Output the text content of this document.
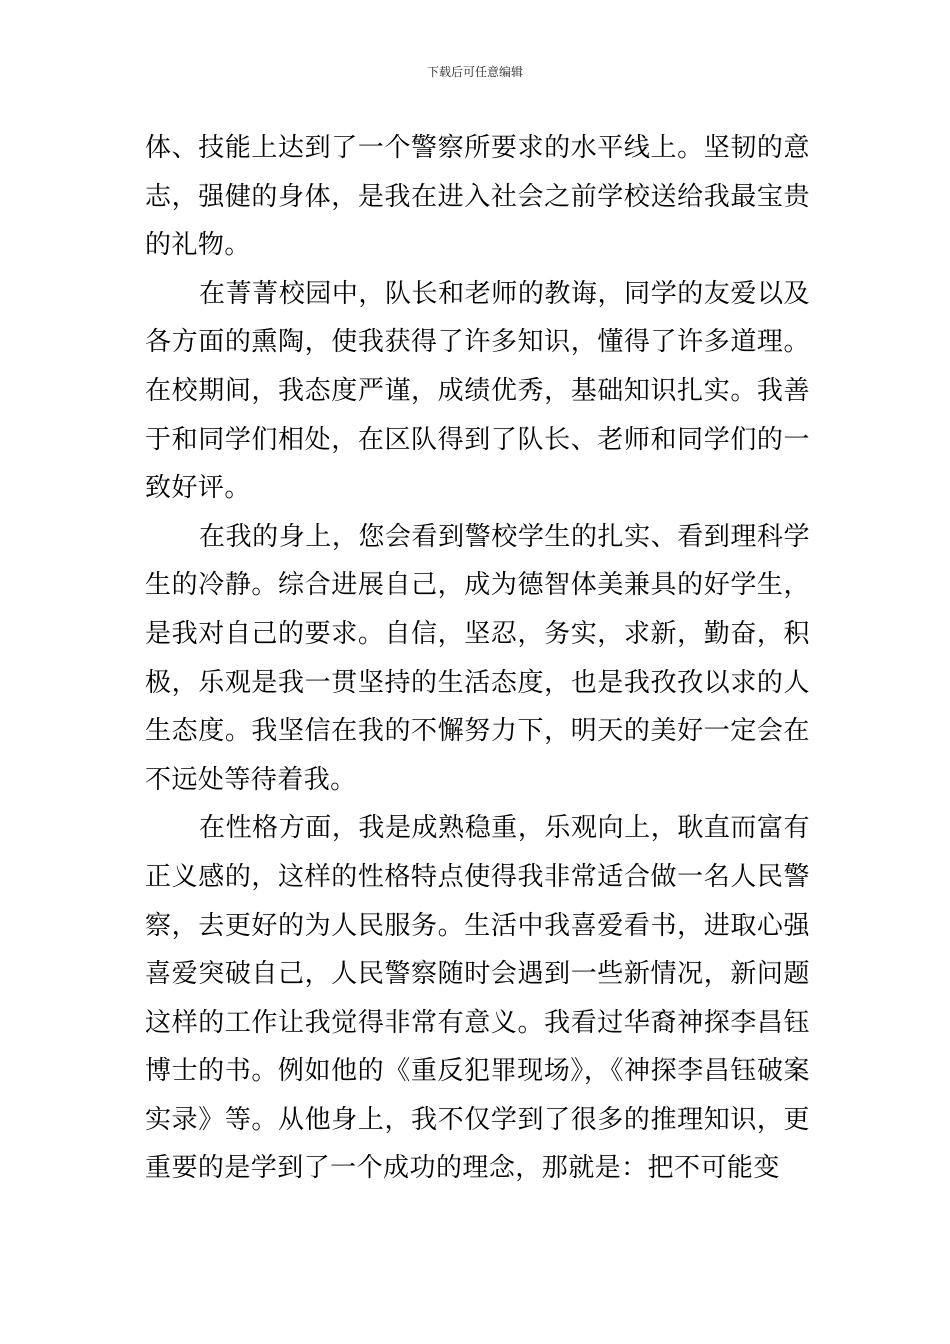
下载后可任意编辑

体、技能上达到了一个警察所要求的水平线上。坚韧的意志，强健的身体，是我在进入社会之前学校送给我最宝贵的礼物。

在菁菁校园中，队长和老师的教诲，同学的友爱以及各方面的熏陶，使我获得了许多知识，懂得了许多道理。在校期间，我态度严谨，成绩优秀，基础知识扎实。我善于和同学们相处，在区队得到了队长、老师和同学们的一致好评。

在我的身上，您会看到警校学生的扎实、看到理科学生的冷静。综合进展自己，成为德智体美兼具的好学生，是我对自己的要求。自信，坚忍，务实，求新，勤奋，积极，乐观是我一贯坚持的生活态度，也是我孜孜以求的人生态度。我坚信在我的不懈努力下，明天的美好一定会在不远处等待着我。

在性格方面，我是成熟稳重，乐观向上，耿直而富有正义感的，这样的性格特点使得我非常适合做一名人民警察，去更好的为人民服务。生活中我喜爱看书，进取心强喜爱突破自己，人民警察随时会遇到一些新情况，新问题这样的工作让我觉得非常有意义。我看过华裔神探李昌钰博士的书。例如他的《重反犯罪现场》，《神探李昌钰破案实录》等。从他身上，我不仅学到了很多的推理知识，更重要的是学到了一个成功的理念，那就是：把不可能变
